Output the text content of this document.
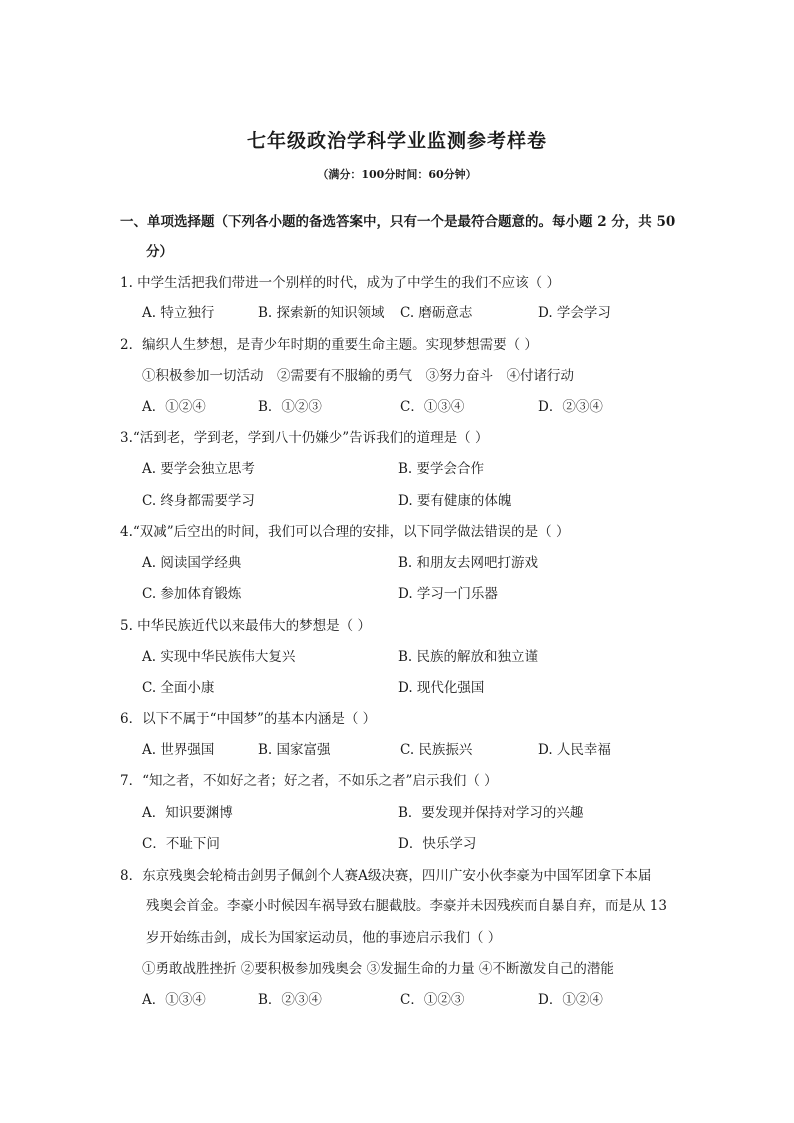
七年级政治学科学业监测参考样卷
（满分：100分时间：60分钟）
一、单项选择题（下列各小题的备选答案中，只有一个是最符合题意的。每小题 2 分，共 50
分）
1. 中学生活把我们带进一个别样的时代，成为了中学生的我们不应该（ ）
A. 特立独行	B. 探索新的知识领域 C. 磨砺意志	D. 学会学习
2．编织人生梦想，是青少年时期的重要生命主题。实现梦想需要（ ）
①积极参加一切活动　②需要有不服输的勇气　③努力奋斗　④付诸行动
A．①②④	B．①②③	C．①③④	D．②③④
3.“活到老，学到老，学到八十仍嫌少”告诉我们的道理是（ ）
A. 要学会独立思考	B. 要学会合作
C. 终身都需要学习	D. 要有健康的体魄
4.“双减”后空出的时间，我们可以合理的安排，以下同学做法错误的是（ ）
A. 阅读国学经典	B. 和朋友去网吧打游戏
C. 参加体育锻炼	D. 学习一门乐器
5. 中华民族近代以来最伟大的梦想是（ ）
A. 实现中华民族伟大复兴	B. 民族的解放和独立谨
C. 全面小康	D. 现代化强国
6．以下不属于“中国梦”的基本内涵是（ ）
A. 世界强国	B. 国家富强	C. 民族振兴	D. 人民幸福
7．“知之者，不如好之者；好之者，不如乐之者”启示我们（ ）
A．知识要渊博	B．要发现并保持对学习的兴趣
C．不耻下问	D．快乐学习
8．东京残奥会轮椅击剑男子佩剑个人赛A级决赛，四川广安小伙李豪为中国军团拿下本届
残奥会首金。李豪小时候因车祸导致右腿截肢。李豪并未因残疾而自暴自弃，而是从 13
岁开始练击剑，成长为国家运动员，他的事迹启示我们（ ）
①勇敢战胜挫折 ②要积极参加残奥会 ③发掘生命的力量 ④不断激发自己的潜能
A．①③④	B．②③④	C．①②③	D．①②④
